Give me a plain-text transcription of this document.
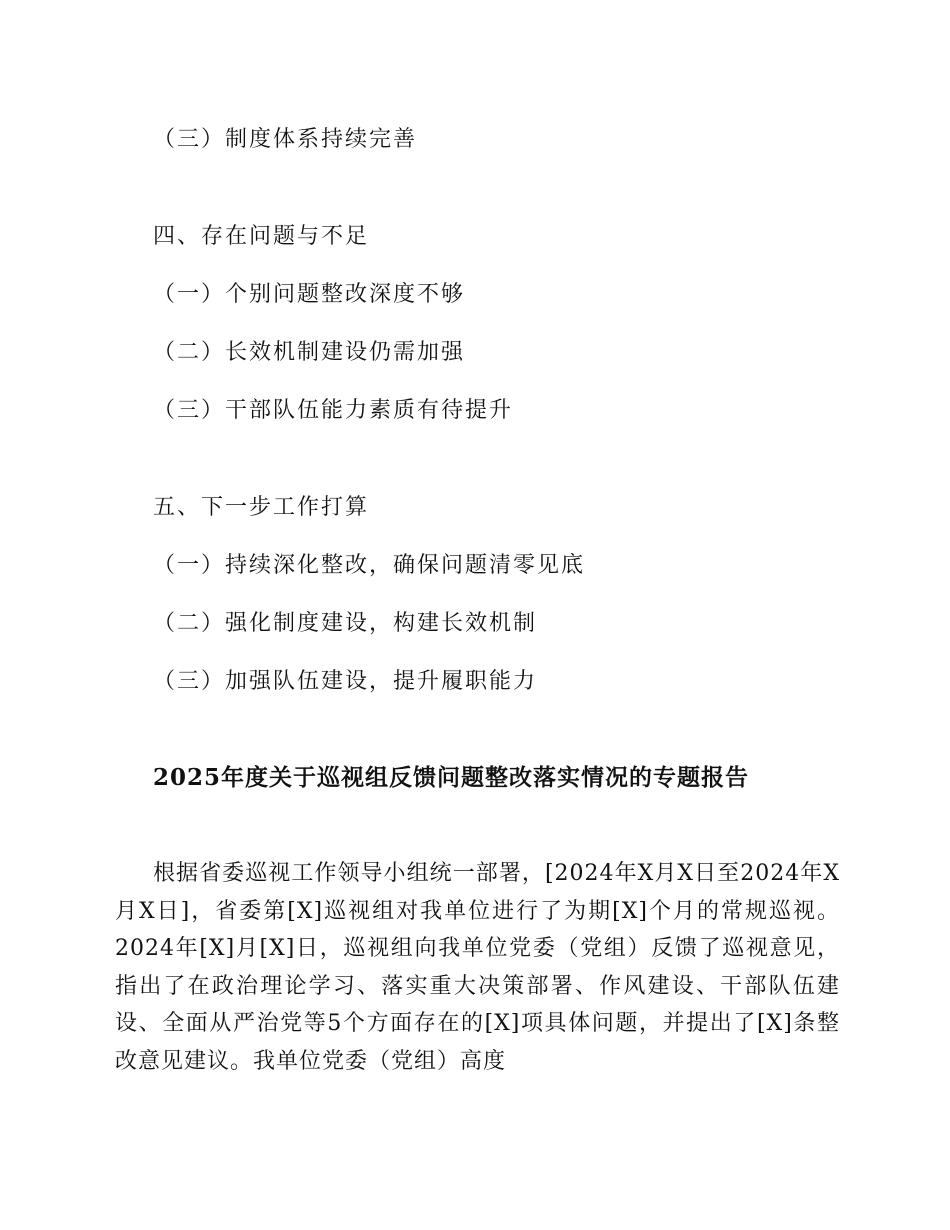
（三）制度体系持续完善
四、存在问题与不足
（一）个别问题整改深度不够
（二）长效机制建设仍需加强
（三）干部队伍能力素质有待提升
五、下一步工作打算
（一）持续深化整改，确保问题清零见底
（二）强化制度建设，构建长效机制
（三）加强队伍建设，提升履职能力
2025年度关于巡视组反馈问题整改落实情况的专题报告

根据省委巡视工作领导小组统一部署，[2024年X月X日至2024年X月X日]，省委第[X]巡视组对我单位进行了为期[X]个月的常规巡视。2024年[X]月[X]日，巡视组向我单位党委（党组）反馈了巡视意见，指出了在政治理论学习、落实重大决策部署、作风建设、干部队伍建设、全面从严治党等5个方面存在的[X]项具体问题，并提出了[X]条整改意见建议。我单位党委（党组）高度
